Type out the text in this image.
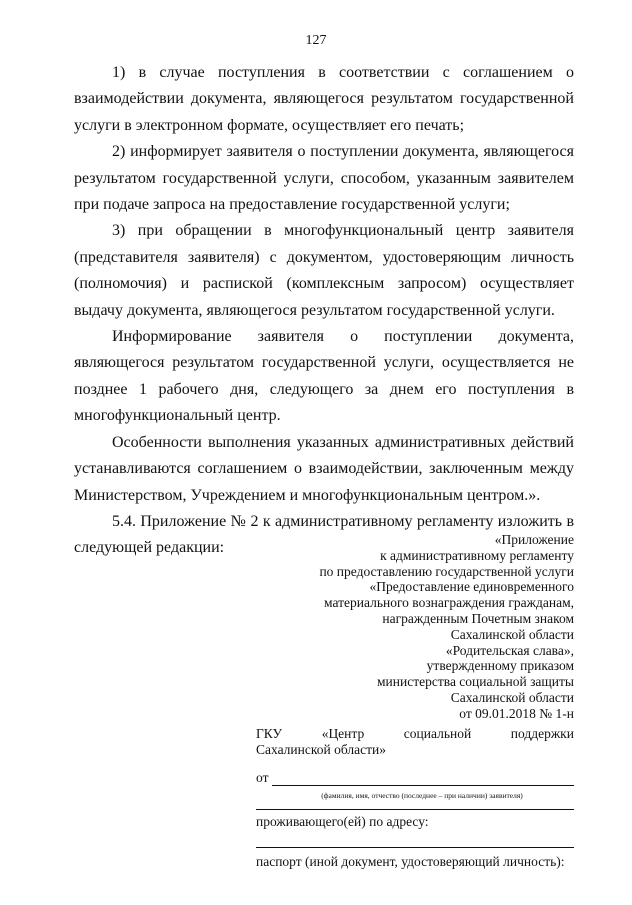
127

1) в случае поступления в соответствии с соглашением о взаимодействии документа, являющегося результатом государственной услуги в электронном формате, осуществляет его печать;

2) информирует заявителя о поступлении документа, являющегося результатом государственной услуги, способом, указанным заявителем при подаче запроса на предоставление государственной услуги;

3) при обращении в многофункциональный центр заявителя (представителя заявителя) с документом, удостоверяющим личность (полномочия) и распиской (комплексным запросом) осуществляет выдачу документа, являющегося результатом государственной услуги.

Информирование заявителя о поступлении документа, являющегося результатом государственной услуги, осуществляется не позднее 1 рабочего дня, следующего за днем его поступления в многофункциональный центр.

Особенности выполнения указанных административных действий устанавливаются соглашением о взаимодействии, заключенным между Министерством, Учреждением и многофункциональным центром.».

5.4. Приложение № 2 к административному регламенту изложить в следующей редакции:	«Приложение
к административному регламенту
по предоставлению государственной услуги
«Предоставление единовременного
материального вознаграждения гражданам,
награжденным Почетным знаком
Сахалинской области
«Родительская слава»,
утвержденному приказом
министерства социальной защиты
Сахалинской области
от 09.01.2018 № 1-н
ГКУ	«Центр	социальной	поддержки
Сахалинской области»
от
(фамилия, имя, отчество (последнее – при наличии) заявителя)
проживающего(ей) по адресу:
паспорт (иной документ, удостоверяющий личность):
